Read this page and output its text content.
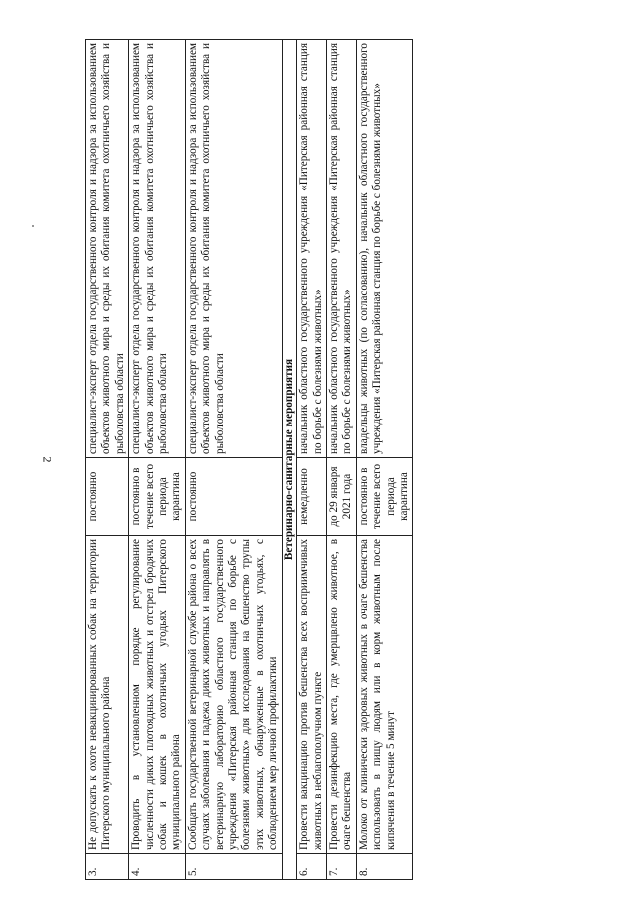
2
3.	Не допускать к охоте невакцинированных собак на территории Питерского муниципального района	постоянно	специалист-эксперт отдела государственного контроля и надзора за использованием объектов животного мира и среды их обитания комитета охотничьего хозяйства и рыболовства области
4.	Проводить в установленном порядке регулирование численности диких плотоядных животных и отстрел бродячих собак и кошек в охотничьих угодьях Питерского муниципального района	постоянно в течение всего периода карантина	специалист-эксперт отдела государственного контроля и надзора за использованием объектов животного мира и среды их обитания комитета охотничьего хозяйства и рыболовства области
5.	Сообщать государственной ветеринарной службе района о всех случаях заболевания и падежа диких животных и направлять в ветеринарную лабораторию областного государственного учреждения «Питерская районная станция по борьбе с болезнями животных» для исследования на бешенство трупы этих животных, обнаруженные в охотничьих угодьях, с соблюдением мер личной профилактики	постоянно	специалист-эксперт отдела государственного контроля и надзора за использованием объектов животного мира и среды их обитания комитета охотничьего хозяйства и рыболовства области
Ветеринарно-санитарные мероприятия			
6.	Провести вакцинацию против бешенства всех восприимчивых животных в неблагополучном пункте	немедленно	начальник областного государственного учреждения «Питерская районная станция по борьбе с болезнями животных»
7.	Провести дезинфекцию места, где умерщвлено животное, в очаге бешенства	до 29 января 2021 года	начальник областного государственного учреждения «Питерская районная станция по борьбе с болезнями животных»
8.	Молоко от клинически здоровых животных в очаге бешенства использовать в пищу людям или в корм животным после кипячения в течение 5 минут	постоянно в течение всего периода карантина	владельцы животных (по согласованию), начальник областного государственного учреждения «Питерская районная станция по борьбе с болезнями животных»
